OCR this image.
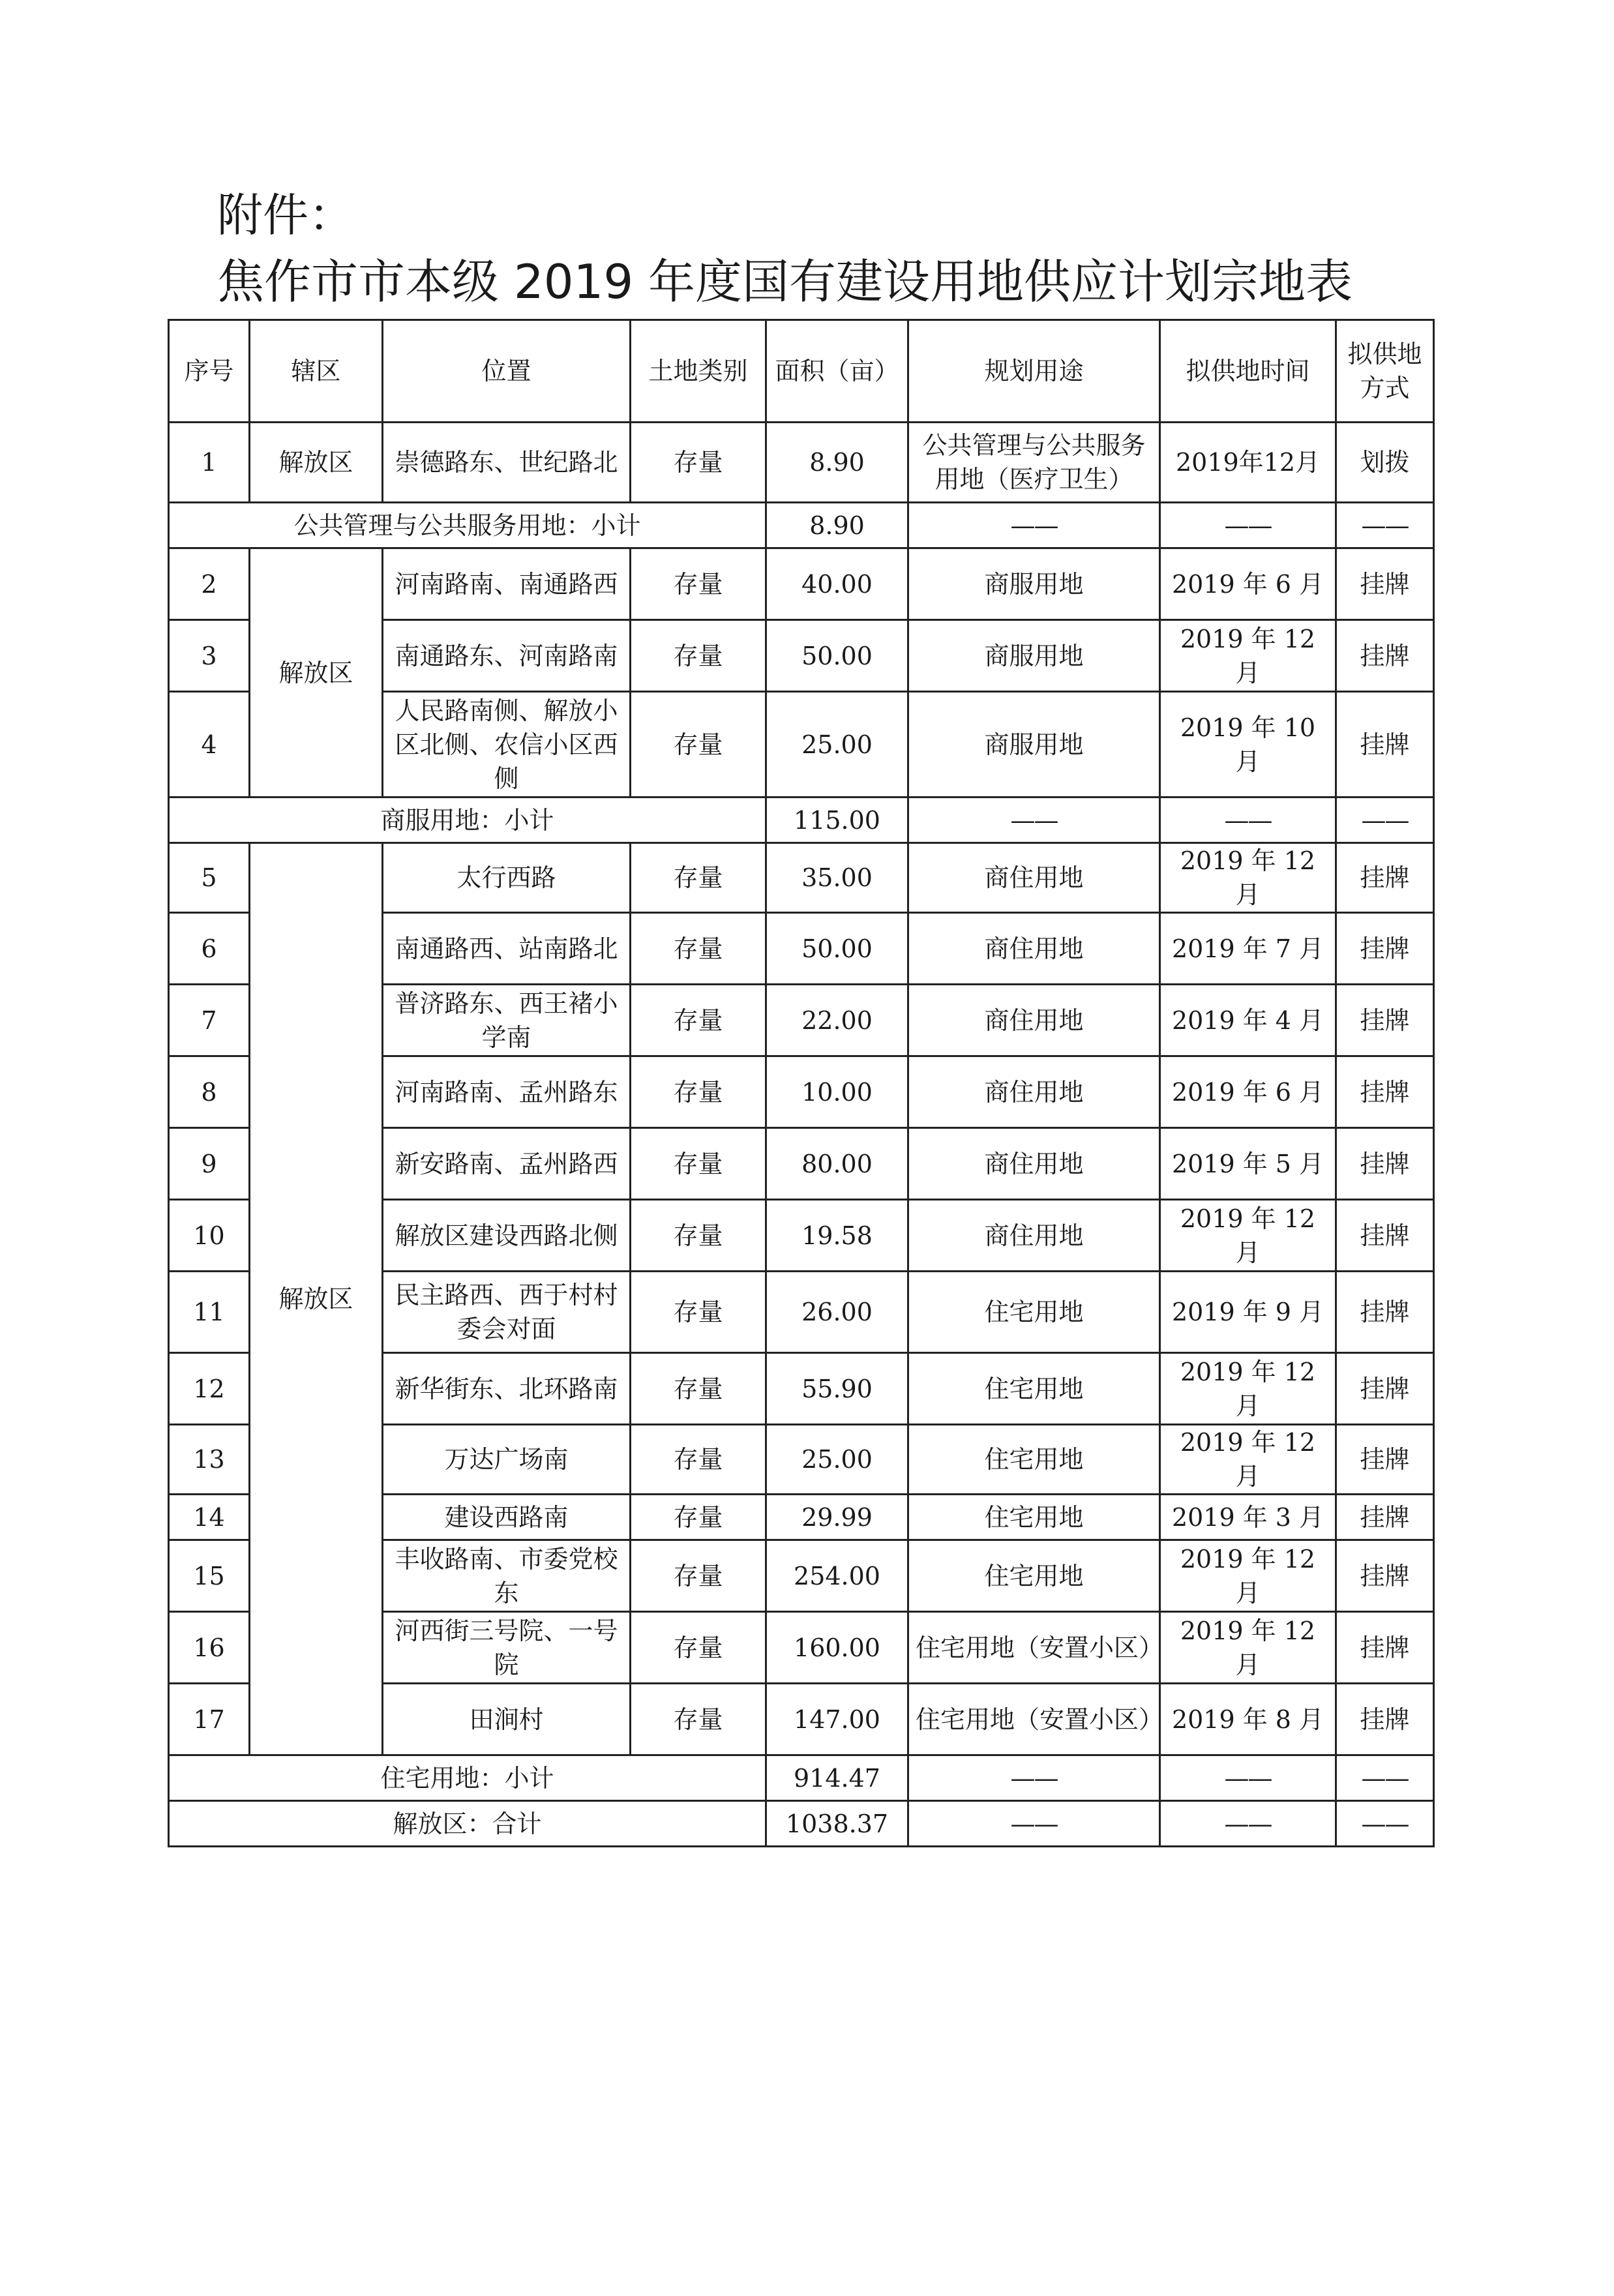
附件：
焦作市市本级 2019 年度国有建设用地供应计划宗地表
序号	辖区	位置	土地类别	面积（亩）	规划用途	拟供地时间	拟供地方式
1	解放区	崇德路东、世纪路北	存量	8.90	公共管理与公共服务用地（医疗卫生）	2019年12月	划拨
公共管理与公共服务用地：小计				8.90	——	——	——
2	解放区	河南路南、南通路西	存量	40.00	商服用地	2019 年 6 月	挂牌
3		南通路东、河南路南	存量	50.00	商服用地	2019 年 12 月	挂牌
4		人民路南侧、解放小区北侧、农信小区西侧	存量	25.00	商服用地	2019 年 10 月	挂牌
商服用地：小计				115.00	——	——	——
5	解放区	太行西路	存量	35.00	商住用地	2019 年 12 月	挂牌
6		南通路西、站南路北	存量	50.00	商住用地	2019 年 7 月	挂牌
7		普济路东、西王褚小学南	存量	22.00	商住用地	2019 年 4 月	挂牌
8		河南路南、孟州路东	存量	10.00	商住用地	2019 年 6 月	挂牌
9		新安路南、孟州路西	存量	80.00	商住用地	2019 年 5 月	挂牌
10		解放区建设西路北侧	存量	19.58	商住用地	2019 年 12 月	挂牌
11		民主路西、西于村村委会对面	存量	26.00	住宅用地	2019 年 9 月	挂牌
12		新华街东、北环路南	存量	55.90	住宅用地	2019 年 12 月	挂牌
13		万达广场南	存量	25.00	住宅用地	2019 年 12 月	挂牌
14		建设西路南	存量	29.99	住宅用地	2019 年 3 月	挂牌
15		丰收路南、市委党校东	存量	254.00	住宅用地	2019 年 12 月	挂牌
16		河西街三号院、一号院	存量	160.00	住宅用地（安置小区）	2019 年 12 月	挂牌
17		田涧村	存量	147.00	住宅用地（安置小区）	2019 年 8 月	挂牌
住宅用地：小计				914.47	——	——	——
解放区：合计				1038.37	——	——	——
